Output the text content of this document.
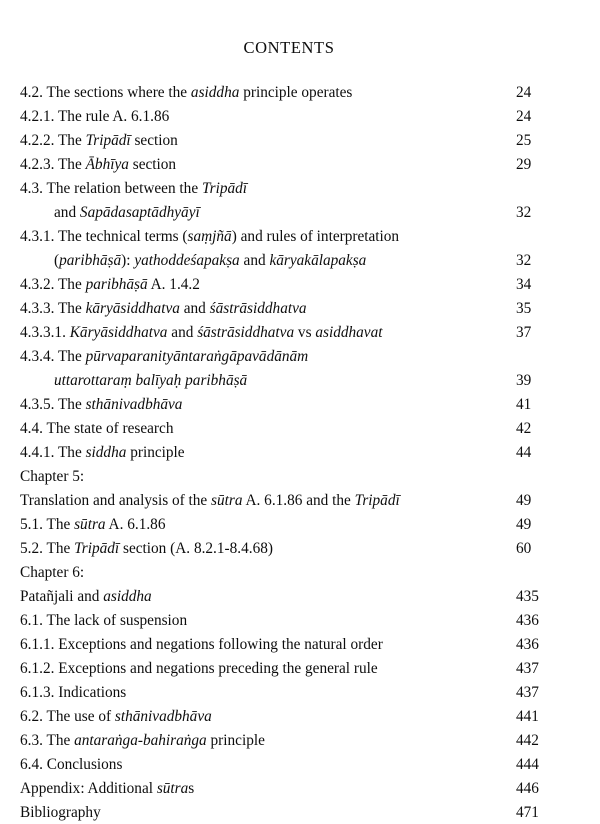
CONTENTS
4.2. The sections where the asiddha principle operates	24
4.2.1. The rule A. 6.1.86	24
4.2.2. The Tripādī section	25
4.2.3. The Ābhīya section	29
4.3. The relation between the Tripādī
and Sapādasaptādhyāyī	32
4.3.1. The technical terms (saṃjñā) and rules of interpretation
(paribhāṣā): yathoddeśapakṣa and kāryakālapakṣa	32
4.3.2. The paribhāṣā A. 1.4.2	34
4.3.3. The kāryāsiddhatva and śāstrāsiddhatva	35
4.3.3.1. Kāryāsiddhatva and śāstrāsiddhatva vs asiddhavat	37
4.3.4. The pūrvaparanityāntaraṅgāpavādānām
uttarottaraṃ balīyaḥ paribhāṣā	39
4.3.5. The sthānivadbhāva	41
4.4. The state of research	42
4.4.1. The siddha principle	44
Chapter 5:
Translation and analysis of the sūtra A. 6.1.86 and the Tripādī	49
5.1. The sūtra A. 6.1.86	49
5.2. The Tripādī section (A. 8.2.1-8.4.68)	60
Chapter 6:
Patañjali and asiddha	435
6.1. The lack of suspension	436
6.1.1. Exceptions and negations following the natural order	436
6.1.2. Exceptions and negations preceding the general rule	437
6.1.3. Indications	437
6.2. The use of sthānivadbhāva	441
6.3. The antaraṅga-bahiraṅga principle	442
6.4. Conclusions	444
Appendix: Additional sūtras	446
Bibliography	471
